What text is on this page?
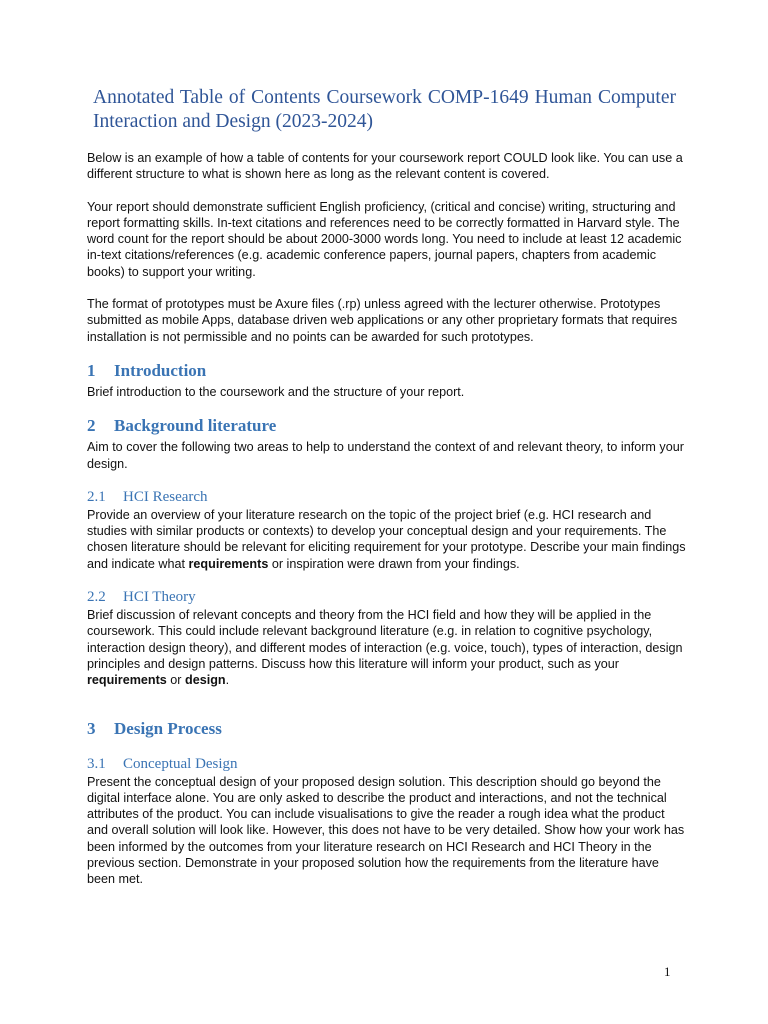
Annotated Table of Contents Coursework COMP-1649 Human Computer Interaction and Design (2023-2024)

Below is an example of how a table of contents for your coursework report COULD look like. You can use a different structure to what is shown here as long as the relevant content is covered.

Your report should demonstrate sufficient English proficiency, (critical and concise) writing, structuring and report formatting skills. In-text citations and references need to be correctly formatted in Harvard style. The word count for the report should be about 2000-3000 words long. You need to include at least 12 academic in-text citations/references (e.g. academic conference papers, journal papers, chapters from academic books) to support your writing.

The format of prototypes must be Axure files (.rp) unless agreed with the lecturer otherwise. Prototypes submitted as mobile Apps, database driven web applications or any other proprietary formats that requires installation is not permissible and no points can be awarded for such prototypes.

1 Introduction

Brief introduction to the coursework and the structure of your report.

2 Background literature

Aim to cover the following two areas to help to understand the context of and relevant theory, to inform your design.

2.1 HCI Research

Provide an overview of your literature research on the topic of the project brief (e.g. HCI research and studies with similar products or contexts) to develop your conceptual design and your requirements. The chosen literature should be relevant for eliciting requirement for your prototype. Describe your main findings and indicate what requirements or inspiration were drawn from your findings.

2.2 HCI Theory

Brief discussion of relevant concepts and theory from the HCI field and how they will be applied in the coursework. This could include relevant background literature (e.g. in relation to cognitive psychology, interaction design theory), and different modes of interaction (e.g. voice, touch), types of interaction, design principles and design patterns. Discuss how this literature will inform your product, such as your requirements or design.

3 Design Process
3.1 Conceptual Design

Present the conceptual design of your proposed design solution. This description should go beyond the digital interface alone. You are only asked to describe the product and interactions, and not the technical attributes of the product. You can include visualisations to give the reader a rough idea what the product and overall solution will look like. However, this does not have to be very detailed. Show how your work has been informed by the outcomes from your literature research on HCI Research and HCI Theory in the previous section. Demonstrate in your proposed solution how the requirements from the literature have been met.

1
